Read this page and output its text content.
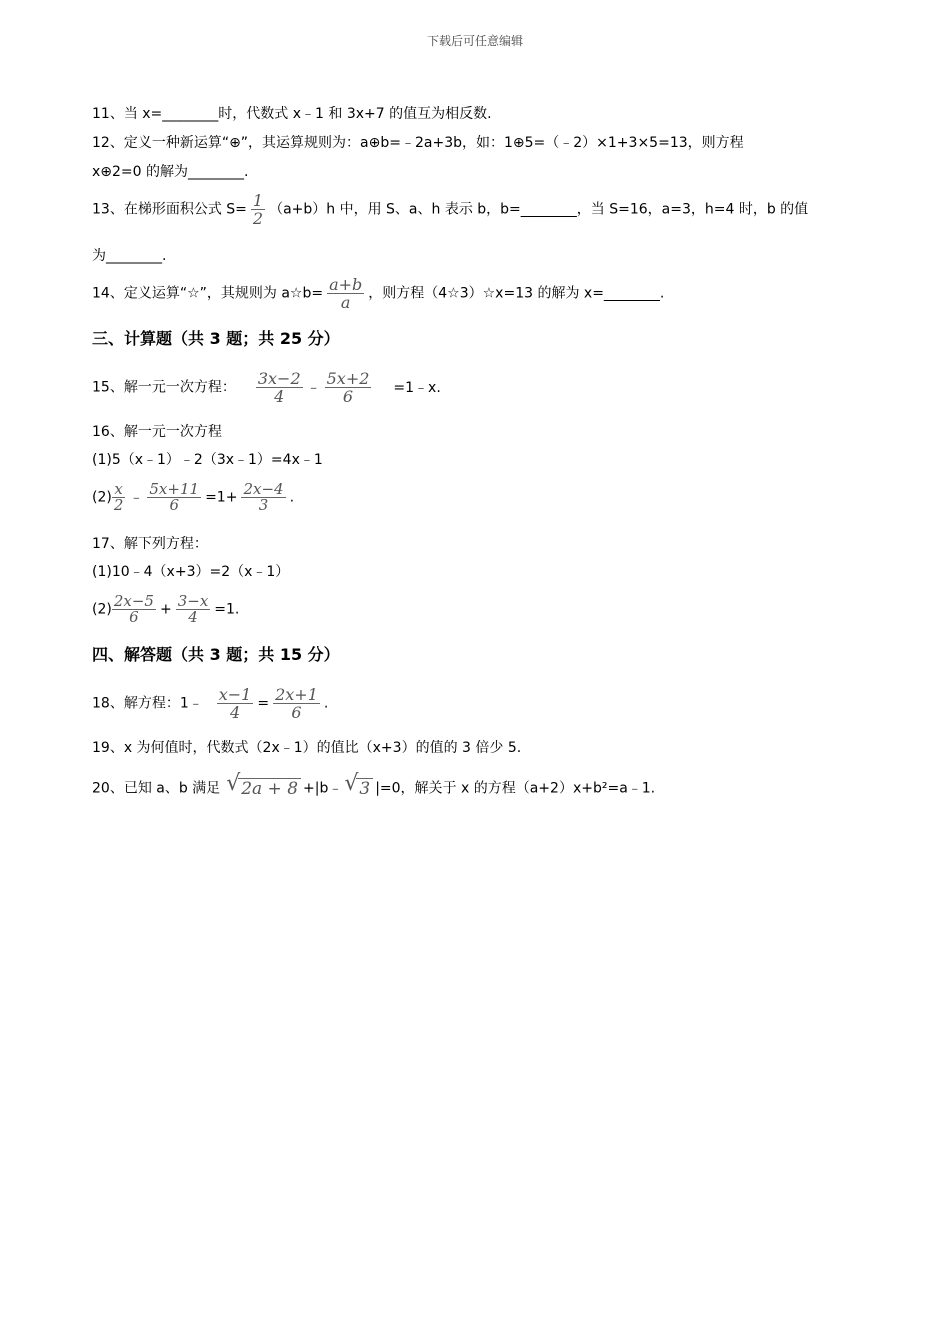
下载后可任意编辑
11、当 x=________时，代数式 x﹣1 和 3x+7 的值互为相反数.
12、定义一种新运算“⊕”，其运算规则为：a⊕b=﹣2a+3b，如：1⊕5=（﹣2）×1+3×5=13，则方程
x⊕2=0 的解为________.
13、在梯形面积公式 $S= \frac{1}{2} (a+b)h$ 中，用 S、a、h 表示 b，b=________，当 S=16，a=3，h=4 时，b 的值
为________.
14、定义运算“☆”，其规则为 a☆b= $\frac{a+b}{a}$ ，则方程（4☆3）☆x=13 的解为 x=________.
三、计算题（共 3 题；共 25 分）
15、解一元一次方程： $\frac{3x-2}{4}$ ﹣ $\frac{5x+2}{6}$ =1﹣x.
16、解一元一次方程
(1)5（x﹣1）﹣2（3x﹣1）=4x﹣1
$(2) \frac{x}{2}$ ﹣ $\frac{5x+11}{6} =1+ \frac{2x-4}{3}$ .
17、解下列方程：
(1)10﹣4（x+3）=2（x﹣1）
$(2) \frac{2x-5}{6} + \frac{3-x}{4} =1$.
四、解答题（共 3 题；共 15 分）
18、解方程：1﹣ $\frac{x-1}{4} = \frac{2x+1}{6}$ .
19、x 为何值时，代数式（2x﹣1）的值比（x+3）的值的 3 倍少 5.
20、已知 a、b 满足 √ 2a + 8 +|b﹣ √ 3 |=0，解关于 x 的方程（a+2）x+b²=a﹣1.
